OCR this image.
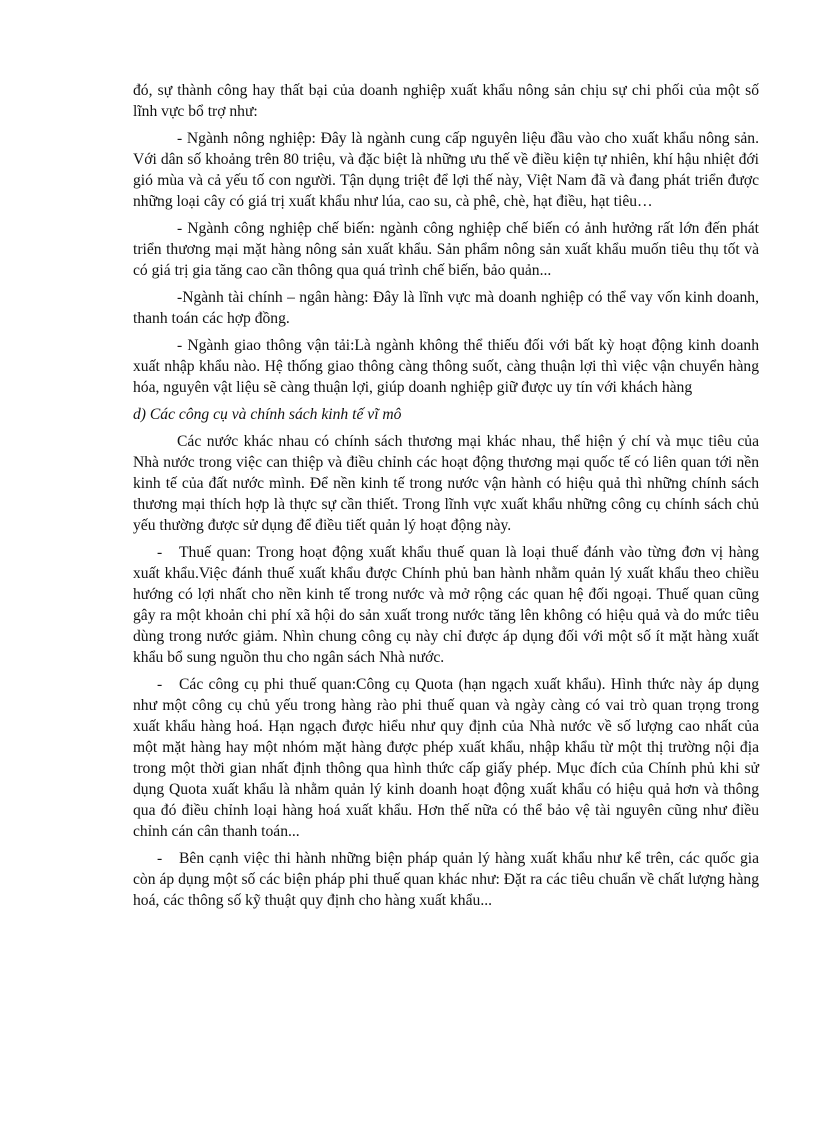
đó, sự thành công hay thất bại của doanh nghiệp xuất khẩu nông sản chịu sự chi phối của một số lĩnh vực bổ trợ như:

- Ngành nông nghiệp: Đây là ngành cung cấp nguyên liệu đầu vào cho xuất khẩu nông sản. Với dân số khoảng trên 80 triệu, và đặc biệt là những ưu thế về điều kiện tự nhiên, khí hậu nhiệt đới gió mùa và cả yếu tố con người. Tận dụng triệt để lợi thế này, Việt Nam đã và đang phát triển được những loại cây có giá trị xuất khẩu như lúa, cao su, cà phê, chè, hạt điều, hạt tiêu…

- Ngành công nghiệp chế biến: ngành công nghiệp chế biến có ảnh hưởng rất lớn đến phát triển thương mại mặt hàng nông sản xuất khẩu. Sản phẩm nông sản xuất khẩu muốn tiêu thụ tốt và có giá trị gia tăng cao cần thông qua quá trình chế biến, bảo quản...

-Ngành tài chính – ngân hàng: Đây là lĩnh vực mà doanh nghiệp có thể vay vốn kinh doanh, thanh toán các hợp đồng.

- Ngành giao thông vận tải:Là ngành không thể thiếu đối với bất kỳ hoạt động kinh doanh xuất nhập khẩu nào. Hệ thống giao thông càng thông suốt, càng thuận lợi thì việc vận chuyển hàng hóa, nguyên vật liệu sẽ càng thuận lợi, giúp doanh nghiệp giữ được uy tín với khách hàng

d) Các công cụ và chính sách kinh tế vĩ mô

Các nước khác nhau có chính sách thương mại khác nhau, thể hiện ý chí và mục tiêu của Nhà nước trong việc can thiệp và điều chỉnh các hoạt động thương mại quốc tế có liên quan tới nền kinh tế của đất nước mình. Để nền kinh tế trong nước vận hành có hiệu quả thì những chính sách thương mại thích hợp là thực sự cần thiết. Trong lĩnh vực xuất khẩu những công cụ chính sách chủ yếu thường được sử dụng để điều tiết quản lý hoạt động này.

- Thuế quan: Trong hoạt động xuất khẩu thuế quan là loại thuế đánh vào từng đơn vị hàng xuất khẩu.Việc đánh thuế xuất khẩu được Chính phủ ban hành nhằm quản lý xuất khẩu theo chiều hướng có lợi nhất cho nền kinh tế trong nước và mở rộng các quan hệ đối ngoại. Thuế quan cũng gây ra một khoản chi phí xã hội do sản xuất trong nước tăng lên không có hiệu quả và do mức tiêu dùng trong nước giảm. Nhìn chung công cụ này chỉ được áp dụng đối với một số ít mặt hàng xuất khẩu bổ sung nguồn thu cho ngân sách Nhà nước.

- Các công cụ phi thuế quan:Công cụ Quota (hạn ngạch xuất khẩu). Hình thức này áp dụng như một công cụ chủ yếu trong hàng rào phi thuế quan và ngày càng có vai trò quan trọng trong xuất khẩu hàng hoá. Hạn ngạch được hiểu như quy định của Nhà nước về số lượng cao nhất của một mặt hàng hay một nhóm mặt hàng được phép xuất khẩu, nhập khẩu từ một thị trường nội địa trong một thời gian nhất định thông qua hình thức cấp giấy phép. Mục đích của Chính phủ khi sử dụng Quota xuất khẩu là nhằm quản lý kinh doanh hoạt động xuất khẩu có hiệu quả hơn và thông qua đó điều chỉnh loại hàng hoá xuất khẩu. Hơn thế nữa có thể bảo vệ tài nguyên cũng như điều chỉnh cán cân thanh toán...

- Bên cạnh việc thi hành những biện pháp quản lý hàng xuất khẩu như kể trên, các quốc gia còn áp dụng một số các biện pháp phi thuế quan khác như: Đặt ra các tiêu chuẩn về chất lượng hàng hoá, các thông số kỹ thuật quy định cho hàng xuất khẩu...
